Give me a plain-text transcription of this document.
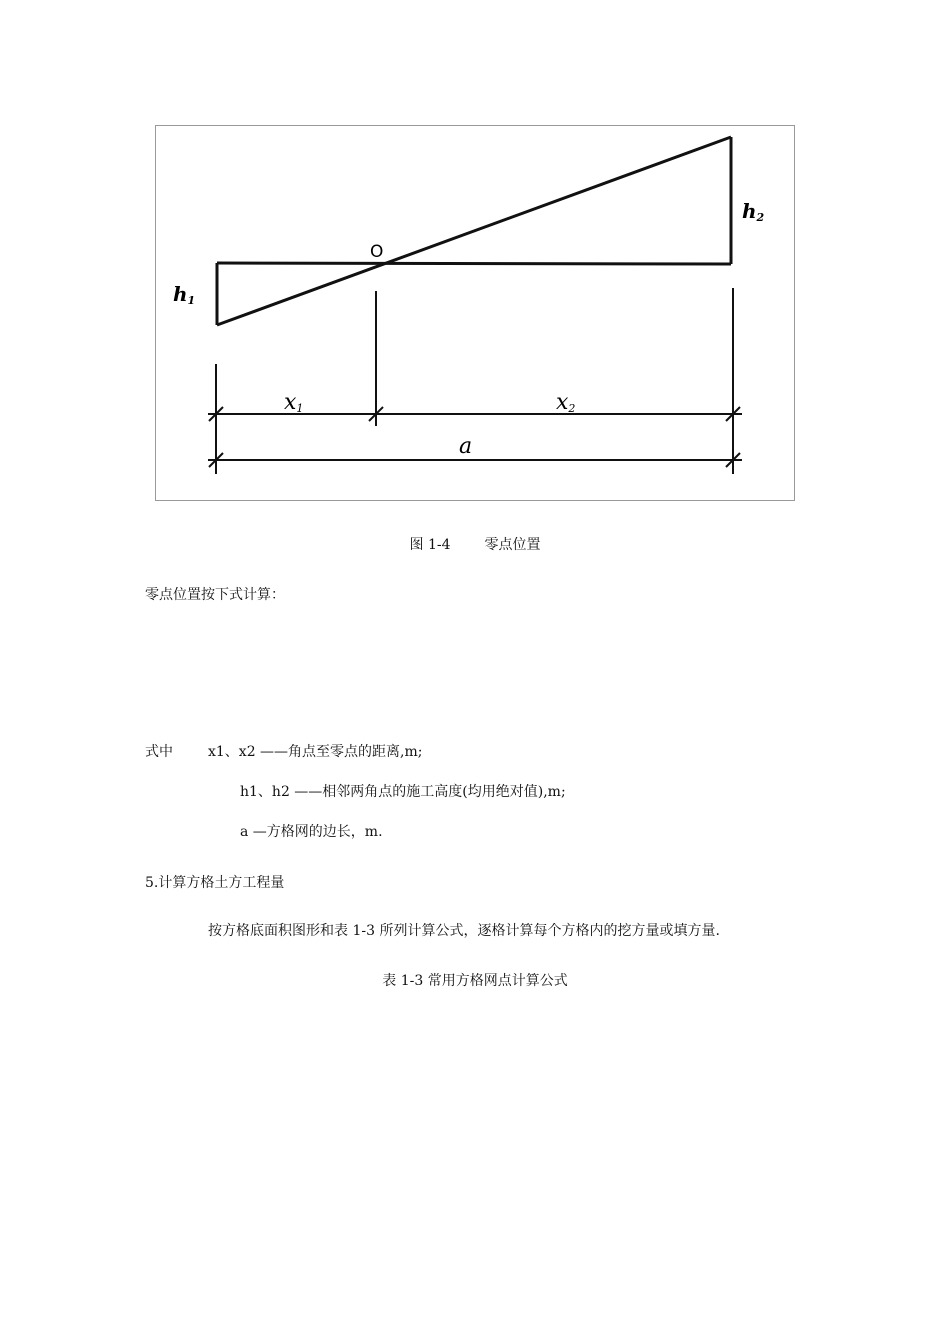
O
h1
h2
x1	x2
a
图 1-4 零点位置
零点位置按下式计算：
式中	x1、x2 ——角点至零点的距离,m;
h1、h2 ——相邻两角点的施工高度(均用绝对值),m;
a —方格网的边长，m.
5.计算方格土方工程量
按方格底面积图形和表 1-3 所列计算公式，逐格计算每个方格内的挖方量或填方量.
表 1-3 常用方格网点计算公式
